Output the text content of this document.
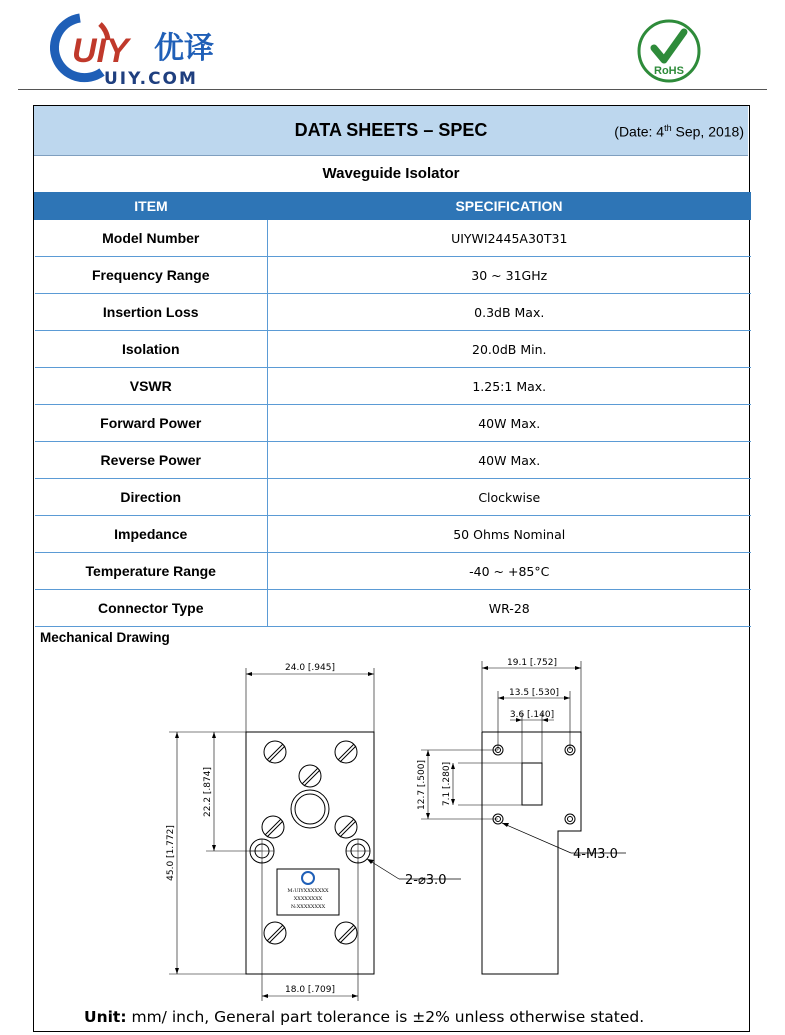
UIY 优译
UIY.COM	RoHS
DATA SHEETS – SPEC	(Date: 4th Sep, 2018)
Waveguide Isolator
ITEM	SPECIFICATION
Model Number	UIYWI2445A30T31
Frequency Range	30 ~ 31GHz
Insertion Loss	0.3dB Max.
Isolation	20.0dB Min.
VSWR	1.25:1 Max.
Forward Power	40W Max.
Reverse Power	40W Max.
Direction	Clockwise
Impedance	50 Ohms Nominal
Temperature Range	-40 ~ +85°C
Connector Type	WR-28
Mechanical Drawing
24.0 [.945]
18.0 [.709]
45.0 [1.772]
22.2 [.874]
2-⌀3.0
M:UIYXXXXXXX
XXXXXXXX
N:XXXXXXXX
19.1 [.752]
13.5 [.530]
3.6 [.140]
12.7 [.500] 7.1 [.280]
4-M3.0
Unit: mm/ inch, General part tolerance is ±2% unless otherwise stated.
